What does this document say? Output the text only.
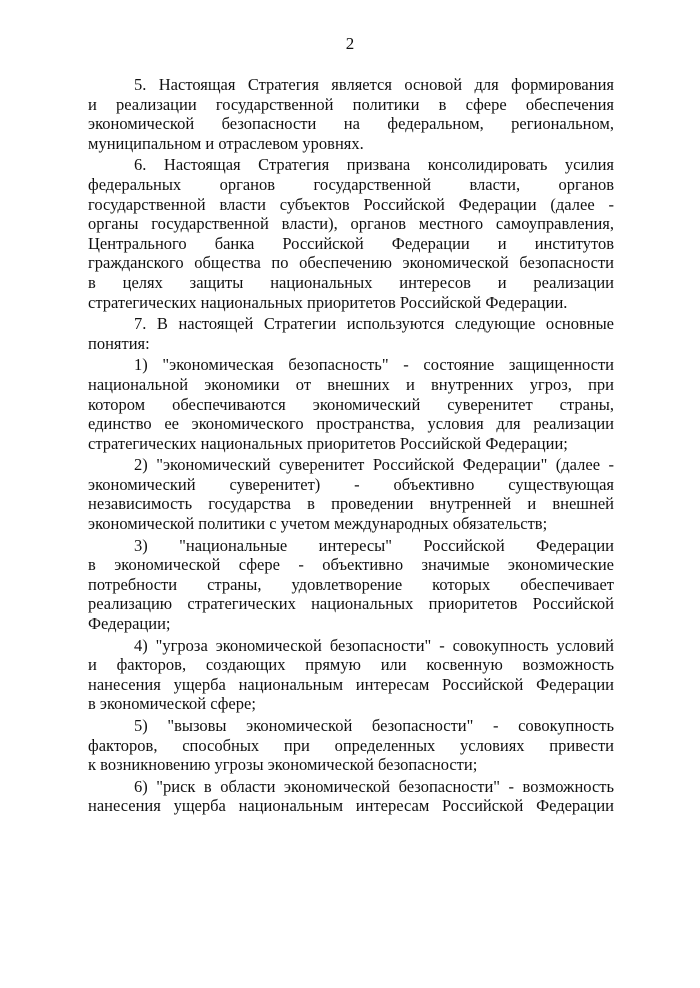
2
5. Настоящая Стратегия является основой для формирования
и реализации государственной политики в сфере обеспечения
экономической безопасности на федеральном, региональном,
муниципальном и отраслевом уровнях.
6. Настоящая Стратегия призвана консолидировать усилия
федеральных органов государственной власти, органов
государственной власти субъектов Российской Федерации (далее -
органы государственной власти), органов местного самоуправления,
Центрального банка Российской Федерации и институтов
гражданского общества по обеспечению экономической безопасности
в целях защиты национальных интересов и реализации
стратегических национальных приоритетов Российской Федерации.
7. В настоящей Стратегии используются следующие основные
понятия:
1) "экономическая безопасность" - состояние защищенности
национальной экономики от внешних и внутренних угроз, при
котором обеспечиваются экономический суверенитет страны,
единство ее экономического пространства, условия для реализации
стратегических национальных приоритетов Российской Федерации;
2) "экономический суверенитет Российской Федерации" (далее -
экономический суверенитет) - объективно существующая
независимость государства в проведении внутренней и внешней
экономической политики с учетом международных обязательств;
3) "национальные интересы" Российской Федерации
в экономической сфере - объективно значимые экономические
потребности страны, удовлетворение которых обеспечивает
реализацию стратегических национальных приоритетов Российской
Федерации;
4) "угроза экономической безопасности" - совокупность условий
и факторов, создающих прямую или косвенную возможность
нанесения ущерба национальным интересам Российской Федерации
в экономической сфере;
5) "вызовы экономической безопасности" - совокупность
факторов, способных при определенных условиях привести
к возникновению угрозы экономической безопасности;
6) "риск в области экономической безопасности" - возможность
нанесения ущерба национальным интересам Российской Федерации
